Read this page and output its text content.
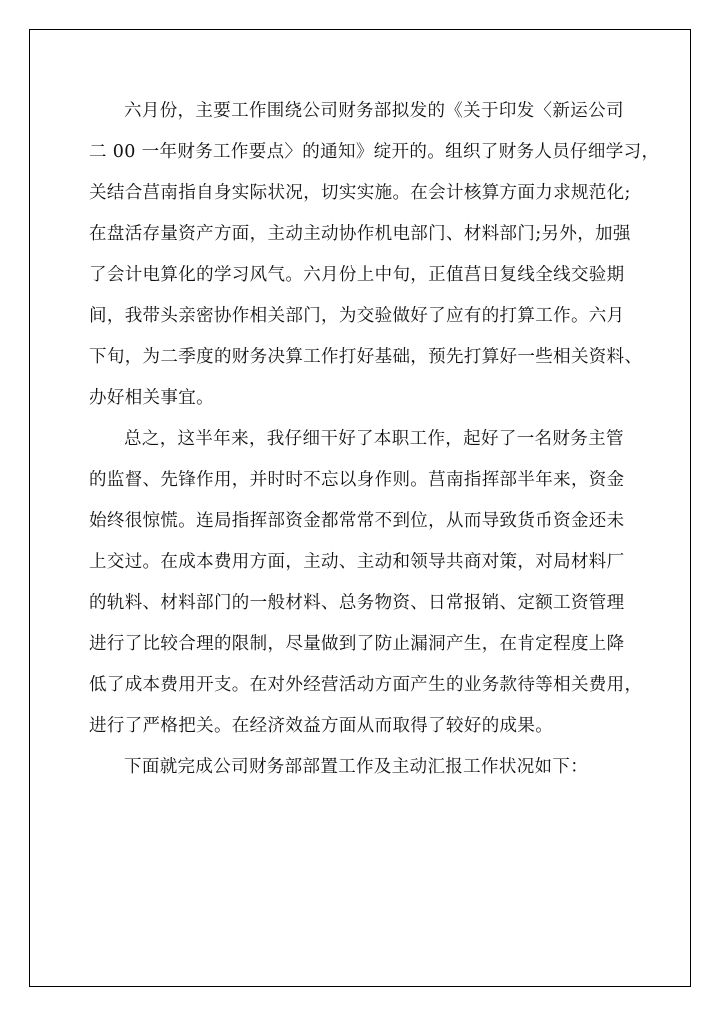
六月份，主要工作围绕公司财务部拟发的《关于印发〈新运公司
二 00 一年财务工作要点〉的通知》绽开的。组织了财务人员仔细学习，
关结合莒南指自身实际状况，切实实施。在会计核算方面力求规范化;
在盘活存量资产方面，主动主动协作机电部门、材料部门;另外，加强
了会计电算化的学习风气。六月份上中旬，正值莒日复线全线交验期
间，我带头亲密协作相关部门，为交验做好了应有的打算工作。六月
下旬，为二季度的财务决算工作打好基础，预先打算好一些相关资料、
办好相关事宜。
总之，这半年来，我仔细干好了本职工作，起好了一名财务主管
的监督、先锋作用，并时时不忘以身作则。莒南指挥部半年来，资金
始终很惊慌。连局指挥部资金都常常不到位，从而导致货币资金还未
上交过。在成本费用方面，主动、主动和领导共商对策，对局材料厂
的轨料、材料部门的一般材料、总务物资、日常报销、定额工资管理
进行了比较合理的限制，尽量做到了防止漏洞产生，在肯定程度上降
低了成本费用开支。在对外经营活动方面产生的业务款待等相关费用，
进行了严格把关。在经济效益方面从而取得了较好的成果。
下面就完成公司财务部部置工作及主动汇报工作状况如下：
